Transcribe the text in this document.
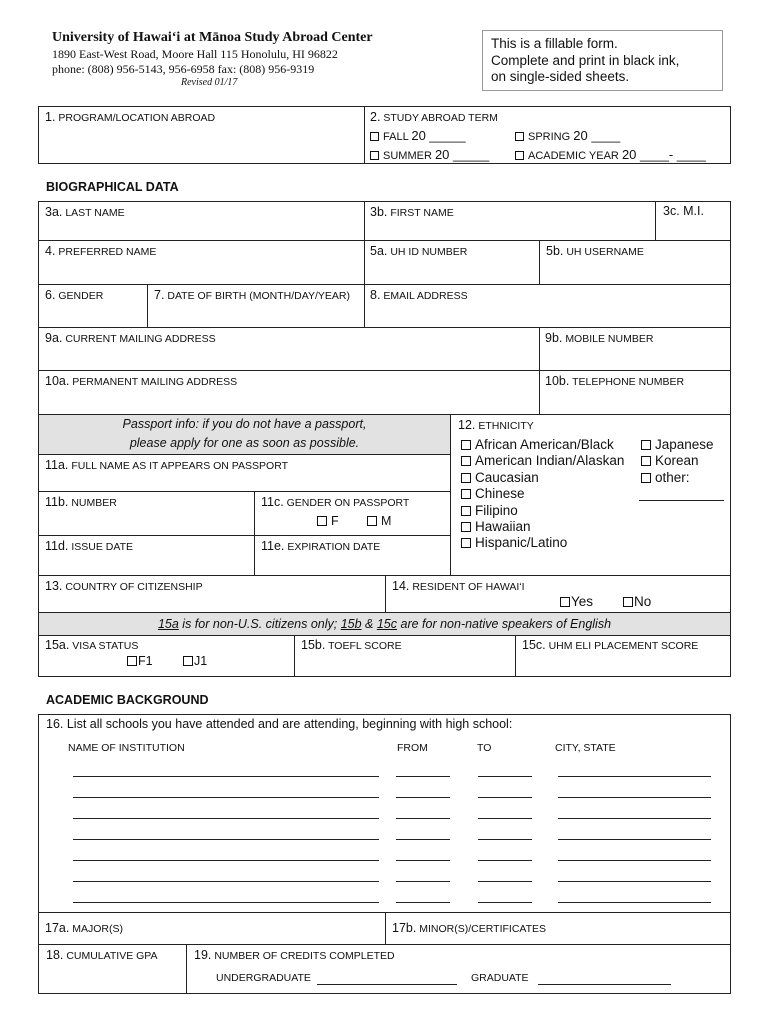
University of Hawaiʻi at Mānoa Study Abroad Center
1890 East-West Road, Moore Hall 115 Honolulu, HI 96822
phone: (808) 956-5143, 956-6958 fax: (808) 956-9319
Revised 01/17
This is a fillable form.
Complete and print in black ink,
on single-sided sheets.
1. PROGRAM/LOCATION ABROAD	2. STUDY ABROAD TERM
FALL 20 _____	SPRING 20 ____
SUMMER 20 _____	ACADEMIC YEAR 20 ____- ____
BIOGRAPHICAL DATA
3a. LAST NAME	3b. FIRST NAME	3c. M.I.
4. PREFERRED NAME	5a. UH ID NUMBER	5b. UH USERNAME
6. GENDER	7. DATE OF BIRTH (MONTH/DAY/YEAR) 8. EMAIL ADDRESS
9a. CURRENT MAILING ADDRESS	9b. MOBILE NUMBER
10a. PERMANENT MAILING ADDRESS	10b. TELEPHONE NUMBER
Passport info: if you do not have a passport,
please apply for one as soon as possible.
11a. FULL NAME AS IT APPEARS ON PASSPORT
11b. NUMBER	11c. GENDER ON PASSPORT
F	M
11d. ISSUE DATE	11e. EXPIRATION DATE
12. ETHNICITY
African American/Black
American Indian/Alaskan
Caucasian
Chinese
Filipino
Hawaiian
Hispanic/Latino
Japanese
Korean
other:
13. COUNTRY OF CITIZENSHIP	14. RESIDENT OF HAWAIʻI
Yes	No
15a is for non-U.S. citizens only; 15b & 15c are for non-native speakers of English
15a. VISA STATUS
F1	J1
15b. TOEFL SCORE	15c. UHM ELI PLACEMENT SCORE
ACADEMIC BACKGROUND
16. List all schools you have attended and are attending, beginning with high school:
NAME OF INSTITUTION	FROM	TO	CITY, STATE
17a. MAJOR(S)	17b. MINOR(S)/CERTIFICATES
18. CUMULATIVE GPA	19. NUMBER OF CREDITS COMPLETED
UNDERGRADUATE	GRADUATE
